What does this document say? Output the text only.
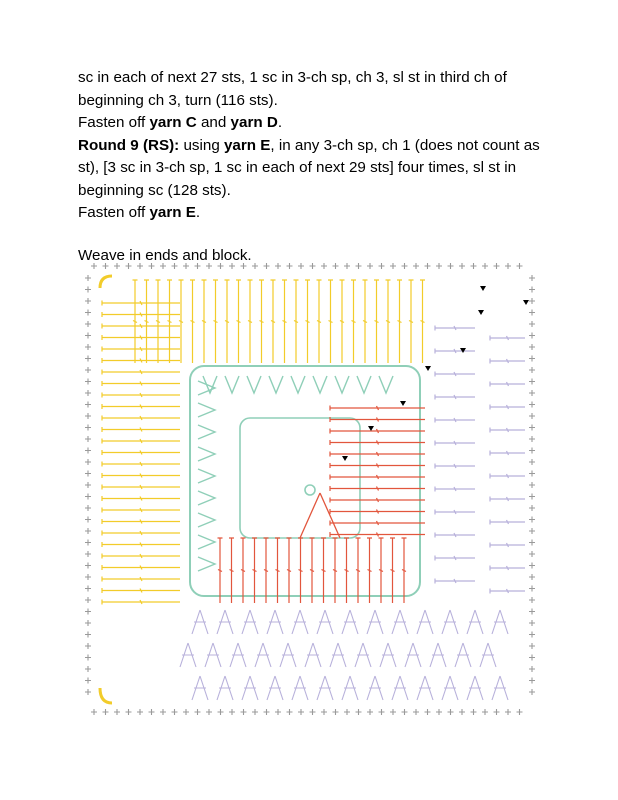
sc in each of next 27 sts, 1 sc in 3-ch sp, ch 3, sl st in third ch of beginning ch 3, turn (116 sts).

Fasten off yarn C and yarn D.

Round 9 (RS): using yarn E, in any 3-ch sp, ch 1 (does not count as st), [3 sc in 3-ch sp, 1 sc in each of next 29 sts] four times, sl st in beginning sc (128 sts).

Fasten off yarn E.

Weave in ends and block.
